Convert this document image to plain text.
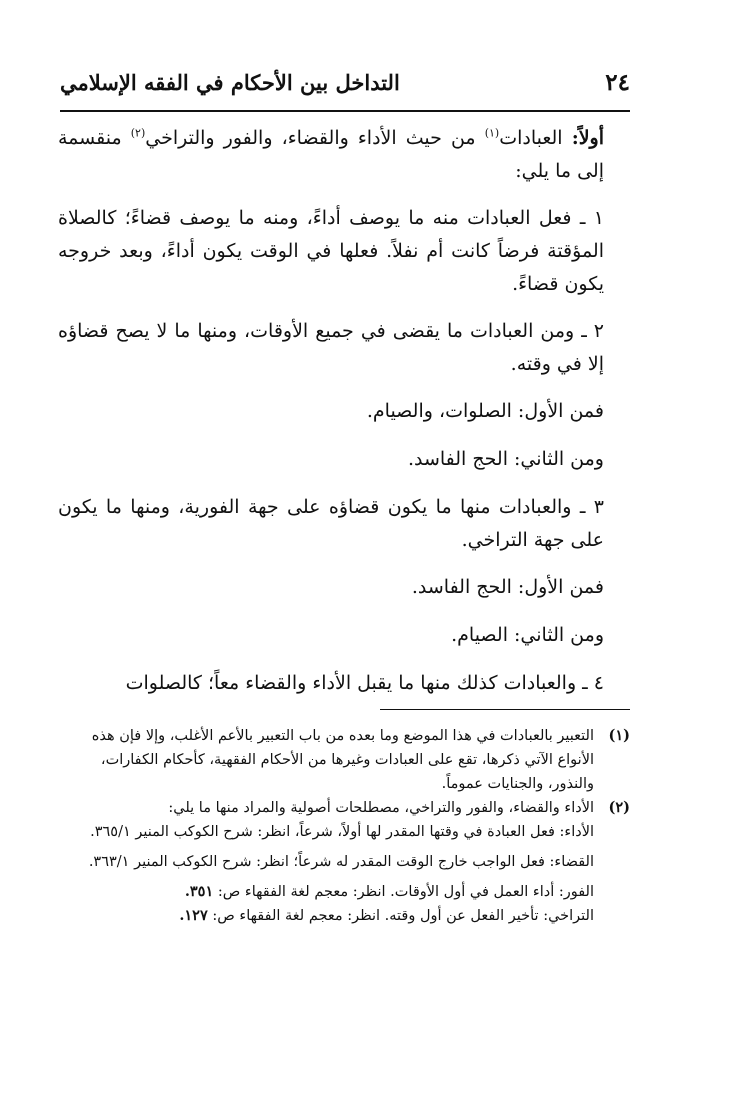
٢٤
التداخل بين الأحكام في الفقه الإسلامي

أولاً: العبادات$^{(١)}$ من حيث الأداء والقضاء، والفور والتراخي$^{(٢)}$ منقسمة إلى ما يلي:

١ ـ فعل العبادات منه ما يوصف أداءً، ومنه ما يوصف قضاءً؛ كالصلاة المؤقتة فرضاً كانت أم نفلاً. فعلها في الوقت يكون أداءً، وبعد خروجه يكون قضاءً.

٢ ـ ومن العبادات ما يقضى في جميع الأوقات، ومنها ما لا يصح قضاؤه إلا في وقته.

فمن الأول: الصلوات، والصيام.

ومن الثاني: الحج الفاسد.

٣ ـ والعبادات منها ما يكون قضاؤه على جهة الفورية، ومنها ما يكون على جهة التراخي.

فمن الأول: الحج الفاسد.

ومن الثاني: الصيام.

٤ ـ والعبادات كذلك منها ما يقبل الأداء والقضاء معاً؛ كالصلوات

(١)

التعبير بالعبادات في هذا الموضع وما بعده من باب التعبير بالأعم الأغلب، وإلا فإن هذه الأنواع الآتي ذكرها، تقع على العبادات وغيرها من الأحكام الفقهية، كأحكام الكفارات، والنذور، والجنايات عموماً.

(٢)

الأداء والقضاء، والفور والتراخي، مصطلحات أصولية والمراد منها ما يلي:

الأداء: فعل العبادة في وقتها المقدر لها أولاً، شرعاً، انظر: شرح الكوكب المنير ٣٦٥/١.

القضاء: فعل الواجب خارج الوقت المقدر له شرعاً؛ انظر: شرح الكوكب المنير ٣٦٣/١.

الفور: أداء العمل في أول الأوقات. انظر: معجم لغة الفقهاء ص: ٣٥١.

التراخي: تأخير الفعل عن أول وقته. انظر: معجم لغة الفقهاء ص: ١٢٧.
